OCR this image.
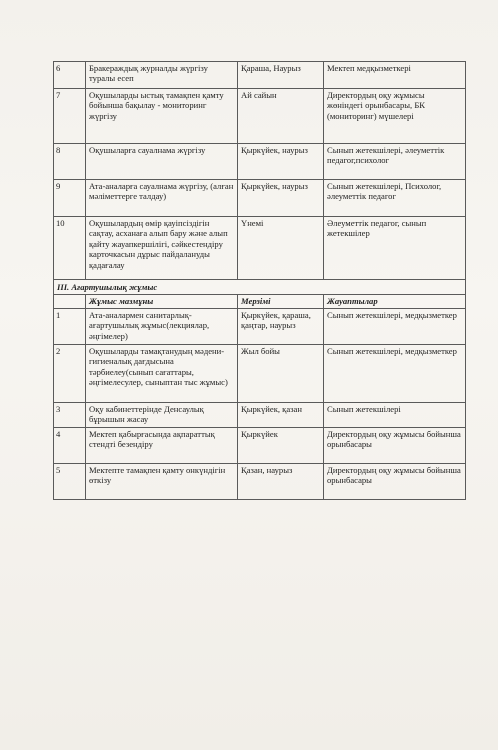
6	Бракераждық журналды жүргізу туралы есеп	Қараша, Наурыз	Мектеп медқызметкері
7	Оқушыларды ыстық тамақпен қамту бойынша бақылау - мониторинг жүргізу	Ай сайын	Директордың оқу жұмысы жөніндегі орынбасары, БК (мониторинг) мүшелері
8	Оқушыларға сауалнама жүргізу	Қыркүйек, наурыз	Сынып жетекшілері, әлеуметтік педагог,психолог
9	Ата-аналарға сауалнама жүргізу, (алған мәліметтерге талдау)	Қыркүйек, наурыз	Сынып жетекшілері, Психолог, әлеуметтік педагог
10	Оқушылардың өмір қауіпсіздігін сақтау, асханаға алып бару және алып қайту жауапкершілігі, сәйкестендіру карточкасын дұрыс пайдалануды қадағалау	Үнемі	Әлеуметтік педагог, сынып жетекшілер
III. Ағартушылық жұмыс			
	Жұмыс мазмұны	Мерзімі	Жауаптылар
1	Ата-аналармен санитарлық-ағартушылық жұмыс(лекциялар, әңгімелер)	Қыркүйек, қараша, қаңтар, наурыз	Сынып жетекшілері, медқызметкер
2	Оқушыларды тамақтанудың мәдени-гигиеналық дағдысына тәрбиелеу(сынып сағаттары, әңгімелесулер, сыныптан тыс жұмыс)	Жыл бойы	Сынып жетекшілері, медқызметкер
3	Оқу кабинеттерінде Денсаулық бұрышын жасау	Қыркүйек, қазан	Сынып жетекшілері
4	Мектеп қабырғасында ақпараттық стендті безендіру	Қыркүйек	Директордың оқу жұмысы бойынша орынбасары
5	Мектепте тамақпен қамту онкүндігін өткізу	Қазан, наурыз	Директордың оқу жұмысы бойынша орынбасары
